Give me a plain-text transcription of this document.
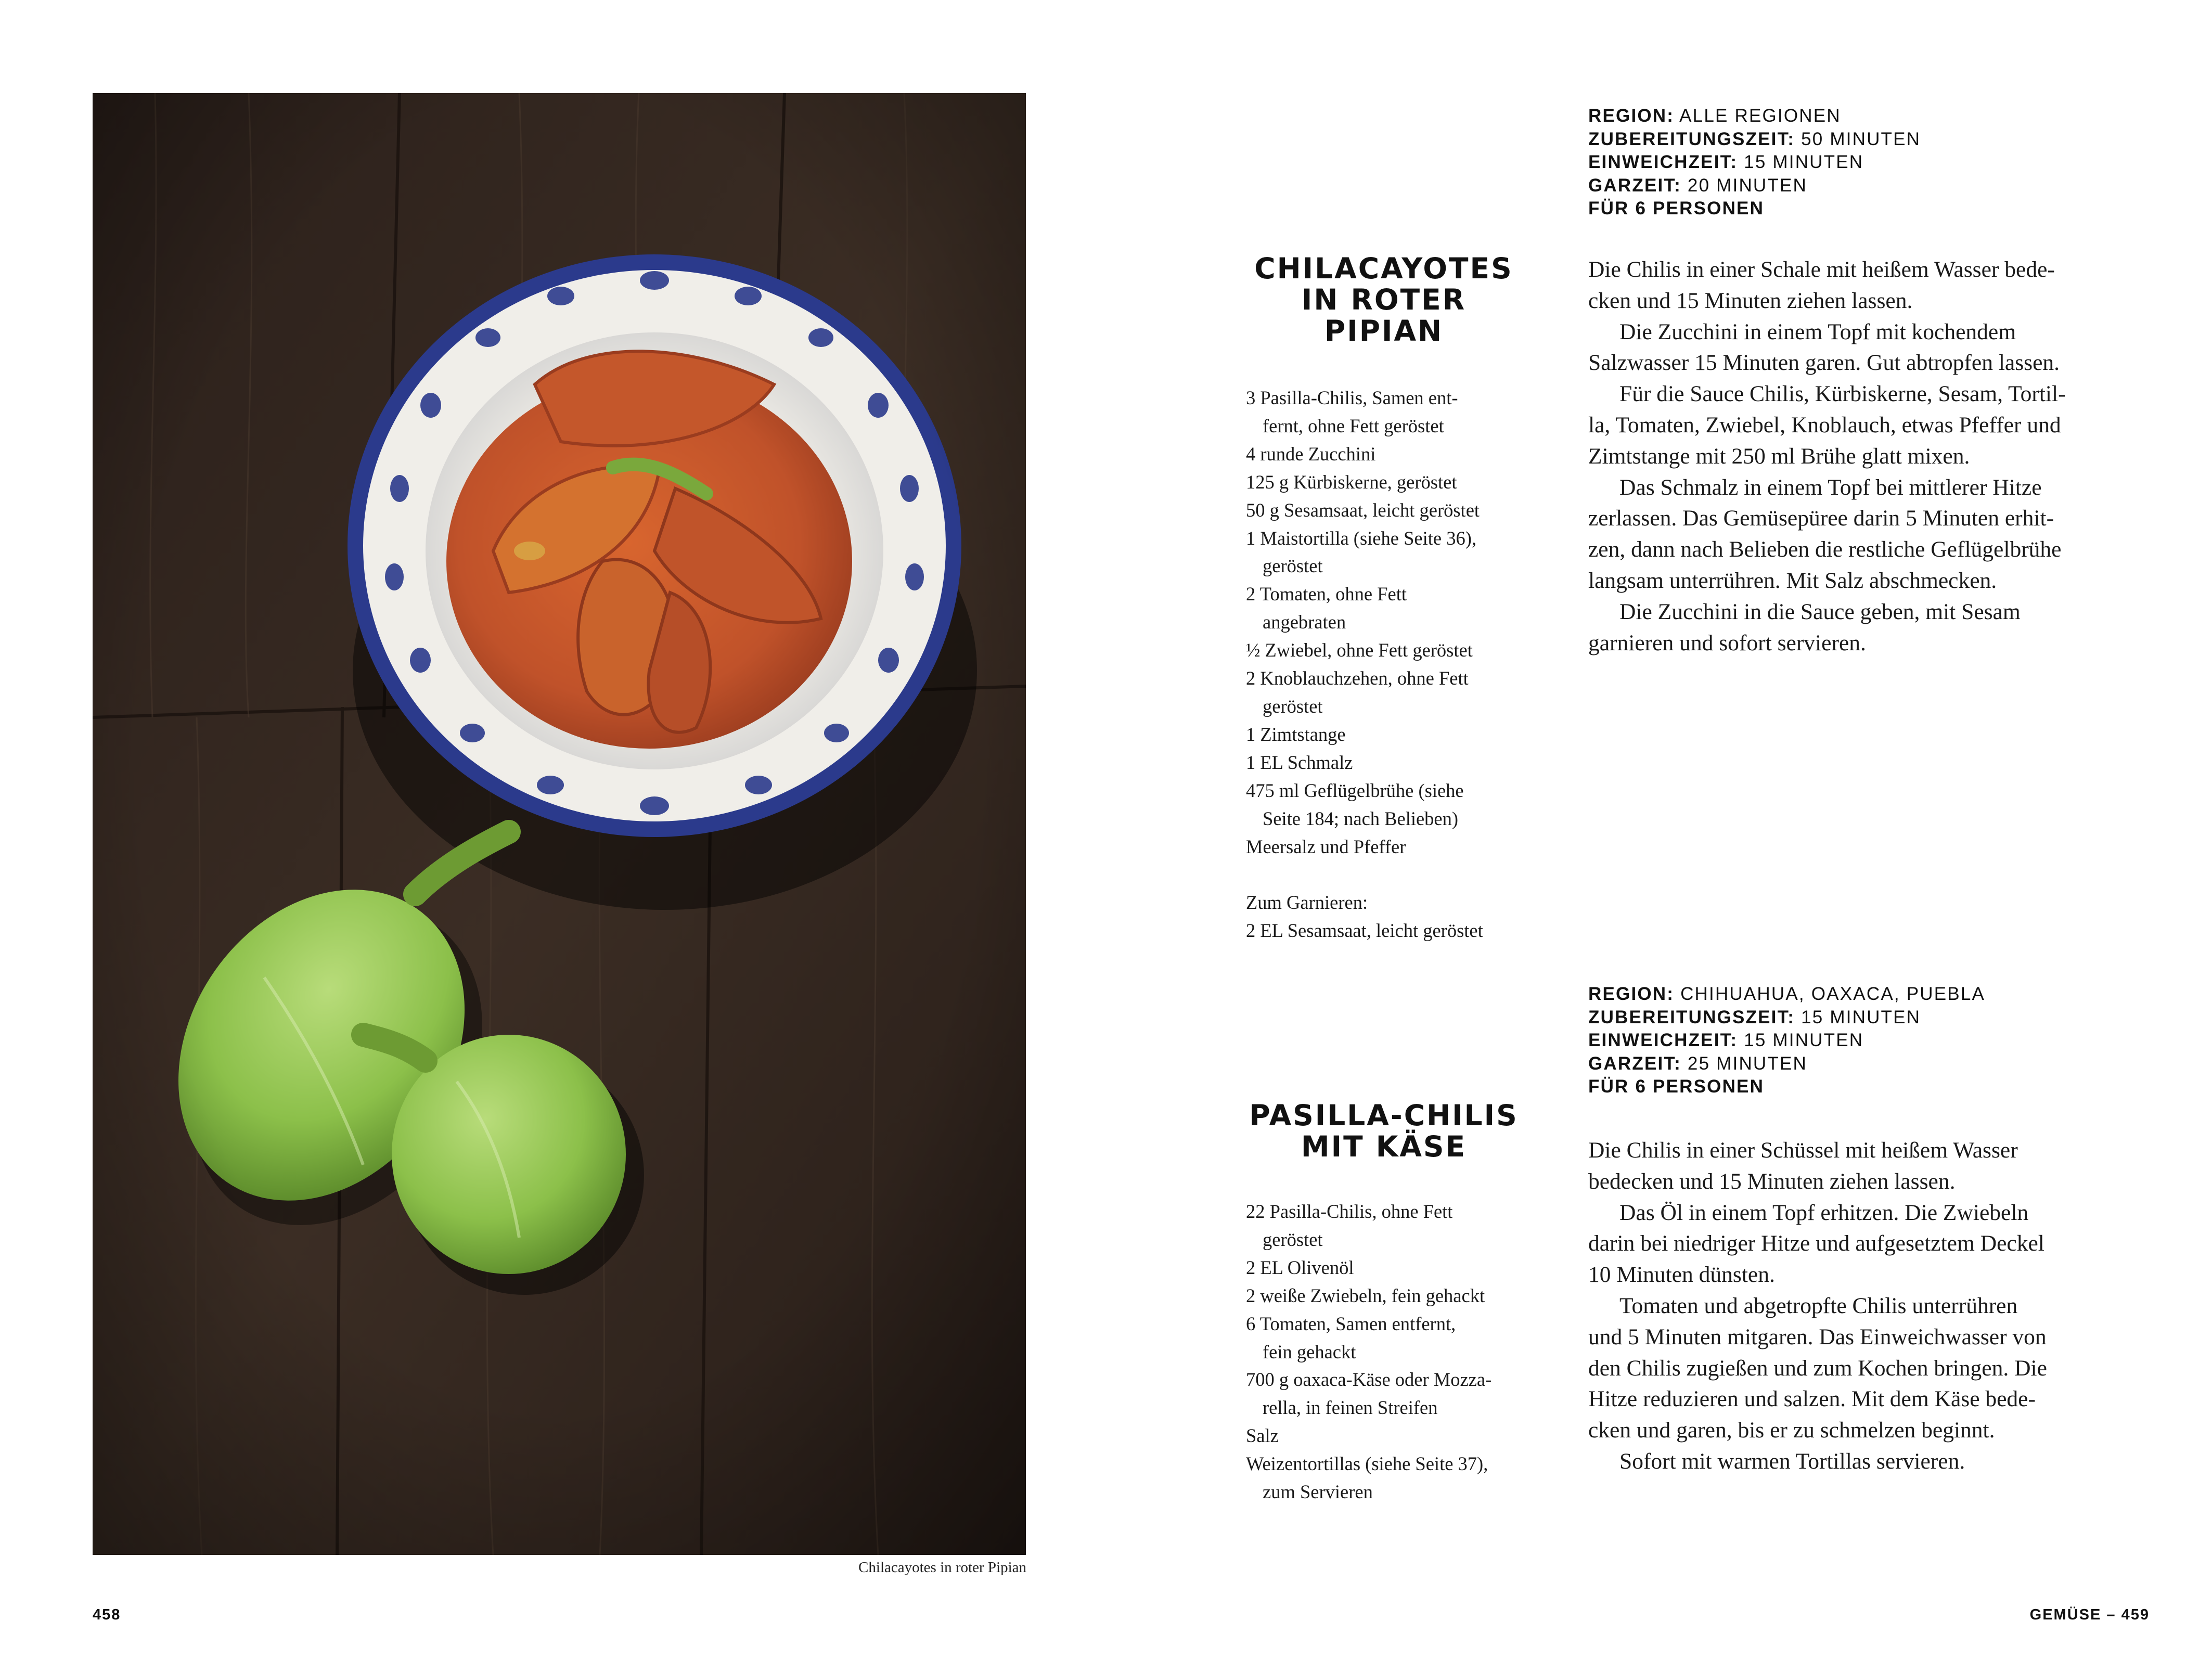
Chilacayotes in roter Pipian
458
REGION: ALLE REGIONEN
ZUBEREITUNGSZEIT: 50 MINUTEN
EINWEICHZEIT: 15 MINUTEN
GARZEIT: 20 MINUTEN
FÜR 6 PERSONEN
CHILACAYOTES
IN ROTER
PIPIAN
3 Pasilla-Chilis, Samen ent-
fernt, ohne Fett geröstet
4 runde Zucchini
125 g Kürbiskerne, geröstet
50 g Sesamsaat, leicht geröstet
1 Maistortilla (siehe Seite 36),
geröstet
2 Tomaten, ohne Fett
angebraten
½ Zwiebel, ohne Fett geröstet
2 Knoblauchzehen, ohne Fett
geröstet
1 Zimtstange
1 EL Schmalz
475 ml Geflügelbrühe (siehe
Seite 184; nach Belieben)
Meersalz und Pfeffer
Zum Garnieren:
2 EL Sesamsaat, leicht geröstet
Die Chilis in einer Schale mit heißem Wasser bede-
cken und 15 Minuten ziehen lassen.
Die Zucchini in einem Topf mit kochendem
Salzwasser 15 Minuten garen. Gut abtropfen lassen.
Für die Sauce Chilis, Kürbiskerne, Sesam, Tortil-
la, Tomaten, Zwiebel, Knoblauch, etwas Pfeffer und
Zimtstange mit 250 ml Brühe glatt mixen.
Das Schmalz in einem Topf bei mittlerer Hitze
zerlassen. Das Gemüsepüree darin 5 Minuten erhit-
zen, dann nach Belieben die restliche Geflügelbrühe
langsam unterrühren. Mit Salz abschmecken.
Die Zucchini in die Sauce geben, mit Sesam
garnieren und sofort servieren.
REGION: CHIHUAHUA, OAXACA, PUEBLA
ZUBEREITUNGSZEIT: 15 MINUTEN
EINWEICHZEIT: 15 MINUTEN
GARZEIT: 25 MINUTEN
FÜR 6 PERSONEN
PASILLA-CHILIS
MIT KÄSE
22 Pasilla-Chilis, ohne Fett
geröstet
2 EL Olivenöl
2 weiße Zwiebeln, fein gehackt
6 Tomaten, Samen entfernt,
fein gehackt
700 g oaxaca-Käse oder Mozza-
rella, in feinen Streifen
Salz
Weizentortillas (siehe Seite 37),
zum Servieren
Die Chilis in einer Schüssel mit heißem Wasser
bedecken und 15 Minuten ziehen lassen.
Das Öl in einem Topf erhitzen. Die Zwiebeln
darin bei niedriger Hitze und aufgesetztem Deckel
10 Minuten dünsten.
Tomaten und abgetropfte Chilis unterrühren
und 5 Minuten mitgaren. Das Einweichwasser von
den Chilis zugießen und zum Kochen bringen. Die
Hitze reduzieren und salzen. Mit dem Käse bede-
cken und garen, bis er zu schmelzen beginnt.
Sofort mit warmen Tortillas servieren.
GEMÜSE – 459
